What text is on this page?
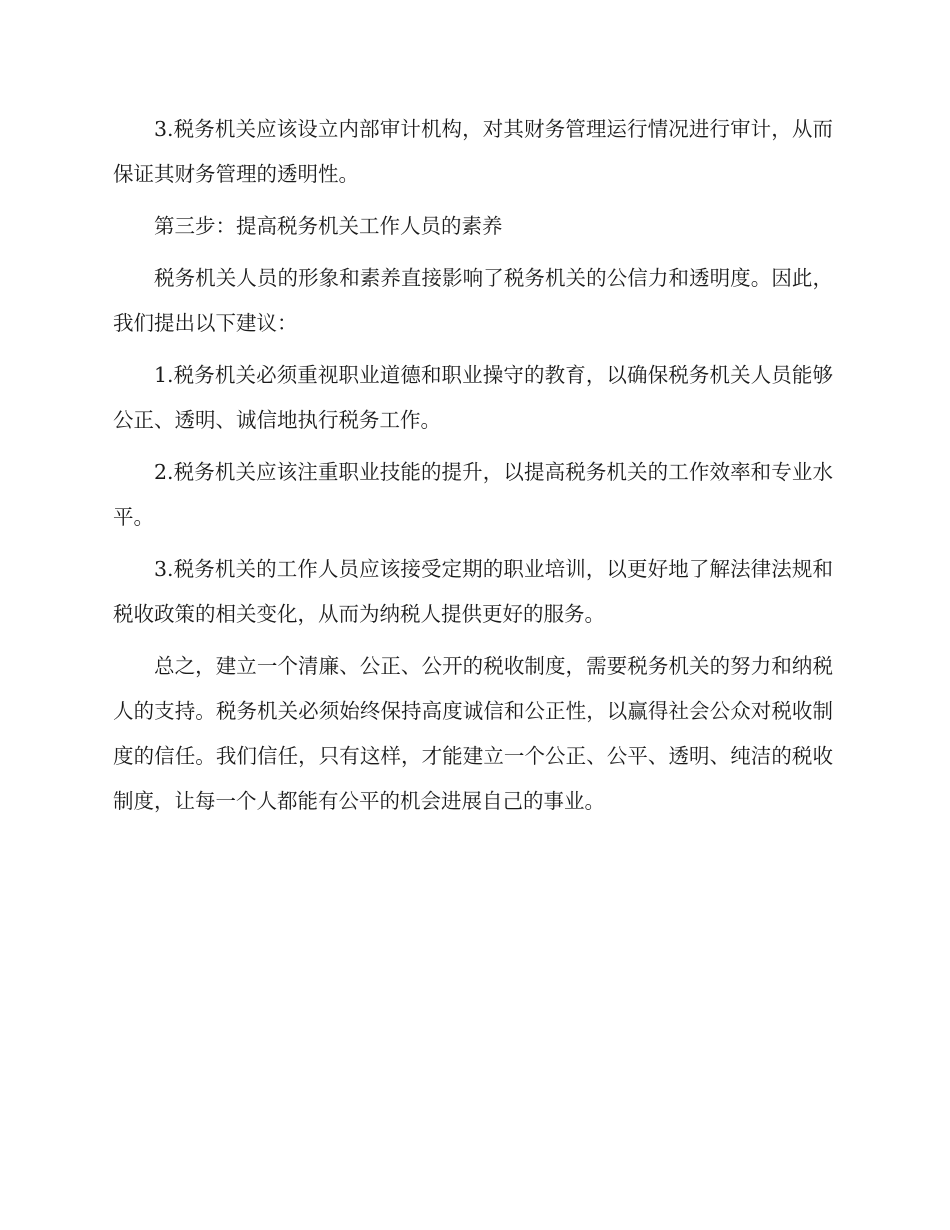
3.税务机关应该设立内部审计机构，对其财务管理运行情况进行审计，从而保证其财务管理的透明性。

第三步：提高税务机关工作人员的素养

税务机关人员的形象和素养直接影响了税务机关的公信力和透明度。因此，我们提出以下建议：

1.税务机关必须重视职业道德和职业操守的教育，以确保税务机关人员能够公正、透明、诚信地执行税务工作。

2.税务机关应该注重职业技能的提升，以提高税务机关的工作效率和专业水平。

3.税务机关的工作人员应该接受定期的职业培训，以更好地了解法律法规和税收政策的相关变化，从而为纳税人提供更好的服务。

总之，建立一个清廉、公正、公开的税收制度，需要税务机关的努力和纳税人的支持。税务机关必须始终保持高度诚信和公正性，以赢得社会公众对税收制度的信任。我们信任，只有这样，才能建立一个公正、公平、透明、纯洁的税收制度，让每一个人都能有公平的机会进展自己的事业。
